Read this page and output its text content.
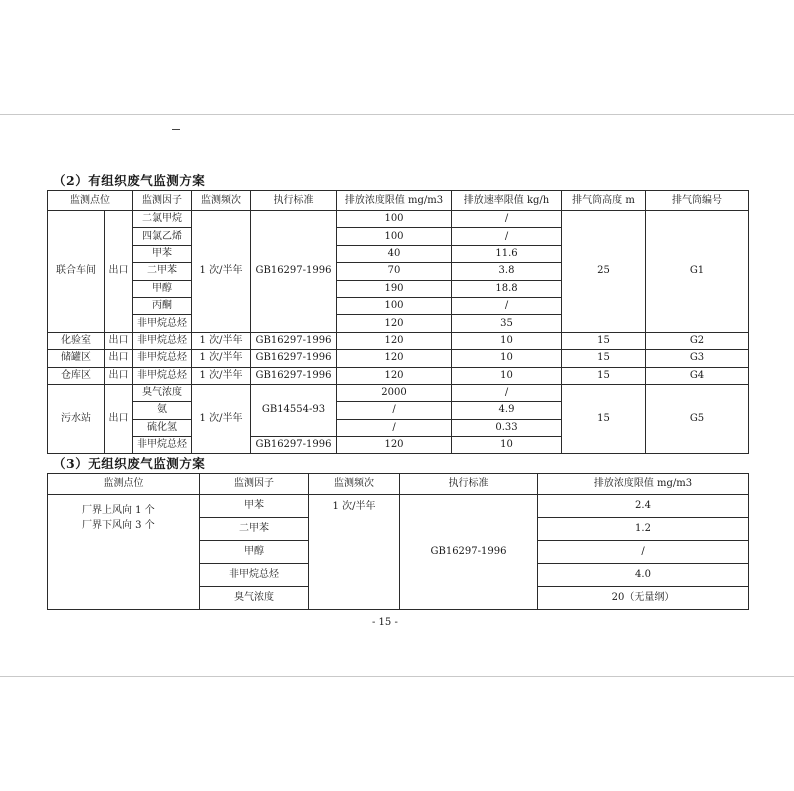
（2）有组织废气监测方案
监测点位		监测因子	监测频次	执行标准	排放浓度限值 mg/m3	排放速率限值 kg/h	排气筒高度 m	排气筒编号
联合车间	出口	二氯甲烷	1 次/半年	GB16297-1996	100	/	25	G1
		四氯乙烯			100	/		
		甲苯			40	11.6		
		二甲苯			70	3.8		
		甲醇			190	18.8		
		丙酮			100	/		
		非甲烷总烃			120	35		
化验室	出口	非甲烷总烃	1 次/半年	GB16297-1996	120	10	15	G2
储罐区	出口	非甲烷总烃	1 次/半年	GB16297-1996	120	10	15	G3
仓库区	出口	非甲烷总烃	1 次/半年	GB16297-1996	120	10	15	G4
污水站	出口	臭气浓度	1 次/半年	GB14554-93	2000	/	15	G5
		氨			/	4.9		
		硫化氢			/	0.33		
		非甲烷总烃		GB16297-1996	120	10		
（3）无组织废气监测方案
监测点位	监测因子	监测频次	执行标准	排放浓度限值 mg/m3

厂界上风向 1 个
厂界下风向 3 个	甲苯	1 次/半年	GB16297-1996	2.4
	二甲苯			1.2
	甲醇			/
	非甲烷总烃			4.0
	臭气浓度			20（无量纲）
- 15 -
